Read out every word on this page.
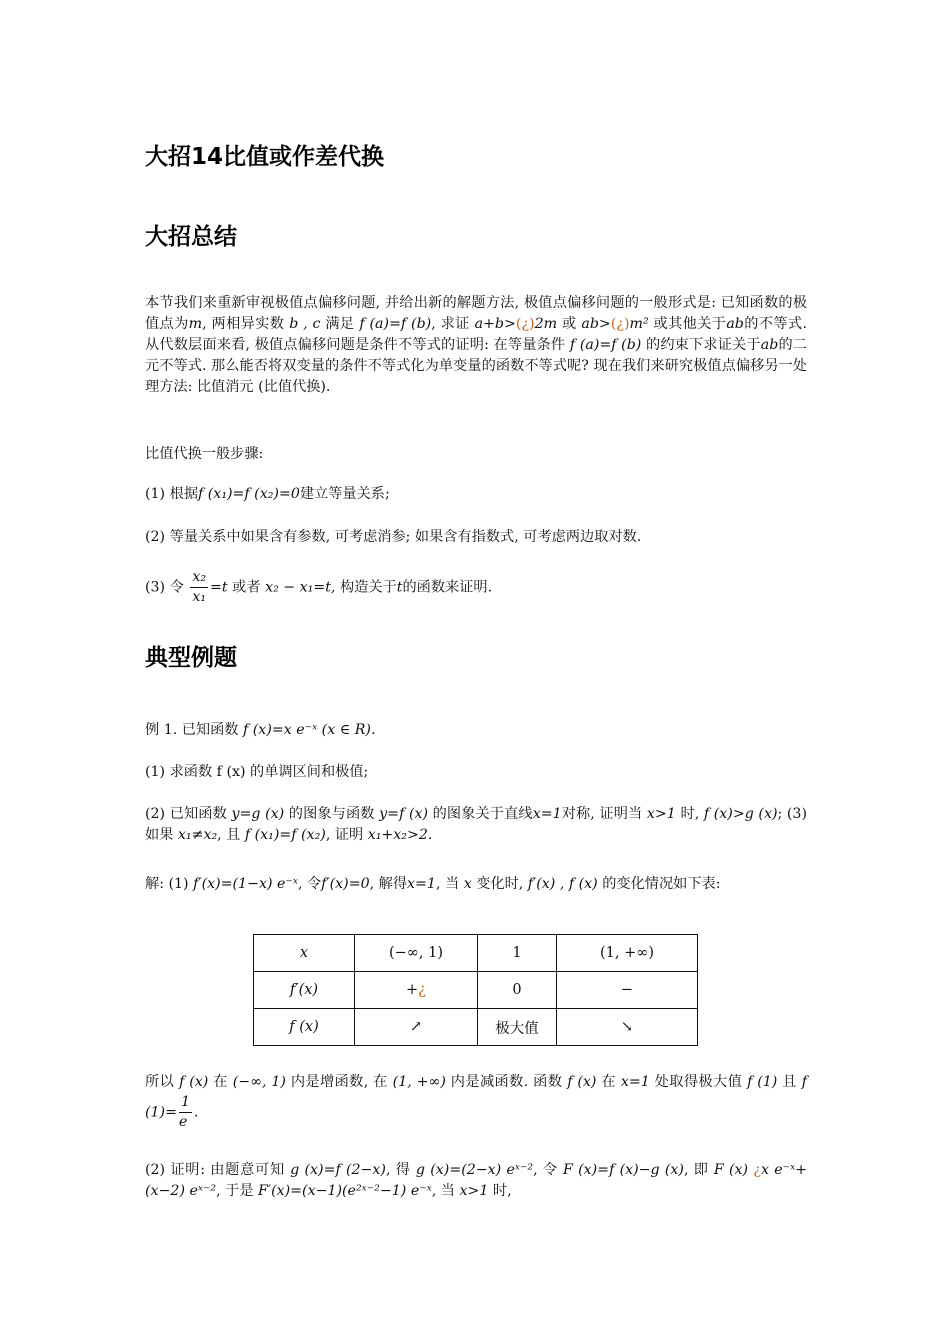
大招14比值或作差代换
大招总结
本节我们来重新审视极值点偏移问题, 并给出新的解题方法, 极值点偏移问题的一般形式是: 已知函数的极值点为m, 两相异实数 b , c 满足 f (a)=f (b), 求证 a+b>(¿)2m 或 ab>(¿)m² 或其他关于ab的不等式. 从代数层面来看, 极值点偏移问题是条件不等式的证明: 在等量条件 f (a)=f (b) 的约束下求证关于ab的二元不等式. 那么能否将双变量的条件不等式化为单变量的函数不等式呢? 现在我们来研究极值点偏移另一处理方法: 比值消元 (比值代换).
比值代换一般步骤:
(1) 根据f (x₁)=f (x₂)=0建立等量关系;
(2) 等量关系中如果含有参数, 可考虑消参; 如果含有指数式, 可考虑两边取对数.
(3) 令 $\frac{\text{x₂}}{\text{x₁}} =t$ 或者 x₂ − x₁=t, 构造关于t的函数来证明.
典型例题
例 1. 已知函数 f (x)=x e⁻ˣ (x ∈ R).
(1) 求函数 f (x) 的单调区间和极值;
(2) 已知函数 y=g (x) 的图象与函数 y=f (x) 的图象关于直线x=1对称, 证明当 x>1 时, f (x)>g (x); (3) 如果 x₁≠x₂, 且 f (x₁)=f (x₂), 证明 x₁+x₂>2.
解: (1) f′(x)=(1−x) e⁻ˣ, 令f′(x)=0, 解得x=1, 当 x 变化时, f′(x) , f (x) 的变化情况如下表:
x	(−∞, 1)	1	(1, +∞)
f′(x)	+¿	0	−
f (x)	↗	极大值	↘
所以 f (x) 在 (−∞, 1) 内是增函数, 在 (1, +∞) 内是减函数. 函数 f (x) 在 x=1 处取得极大值 f (1) 且 f $(1)= \frac{1}{e}$ .
(2) 证明: 由题意可知 g (x)=f (2−x), 得 g (x)=(2−x) eˣ⁻², 令 F (x)=f (x)−g (x), 即 F (x) ¿x e⁻ˣ+(x−2) eˣ⁻², 于是 F′(x)=(x−1)(e²ˣ⁻²−1) e⁻ˣ, 当 x>1 时,
